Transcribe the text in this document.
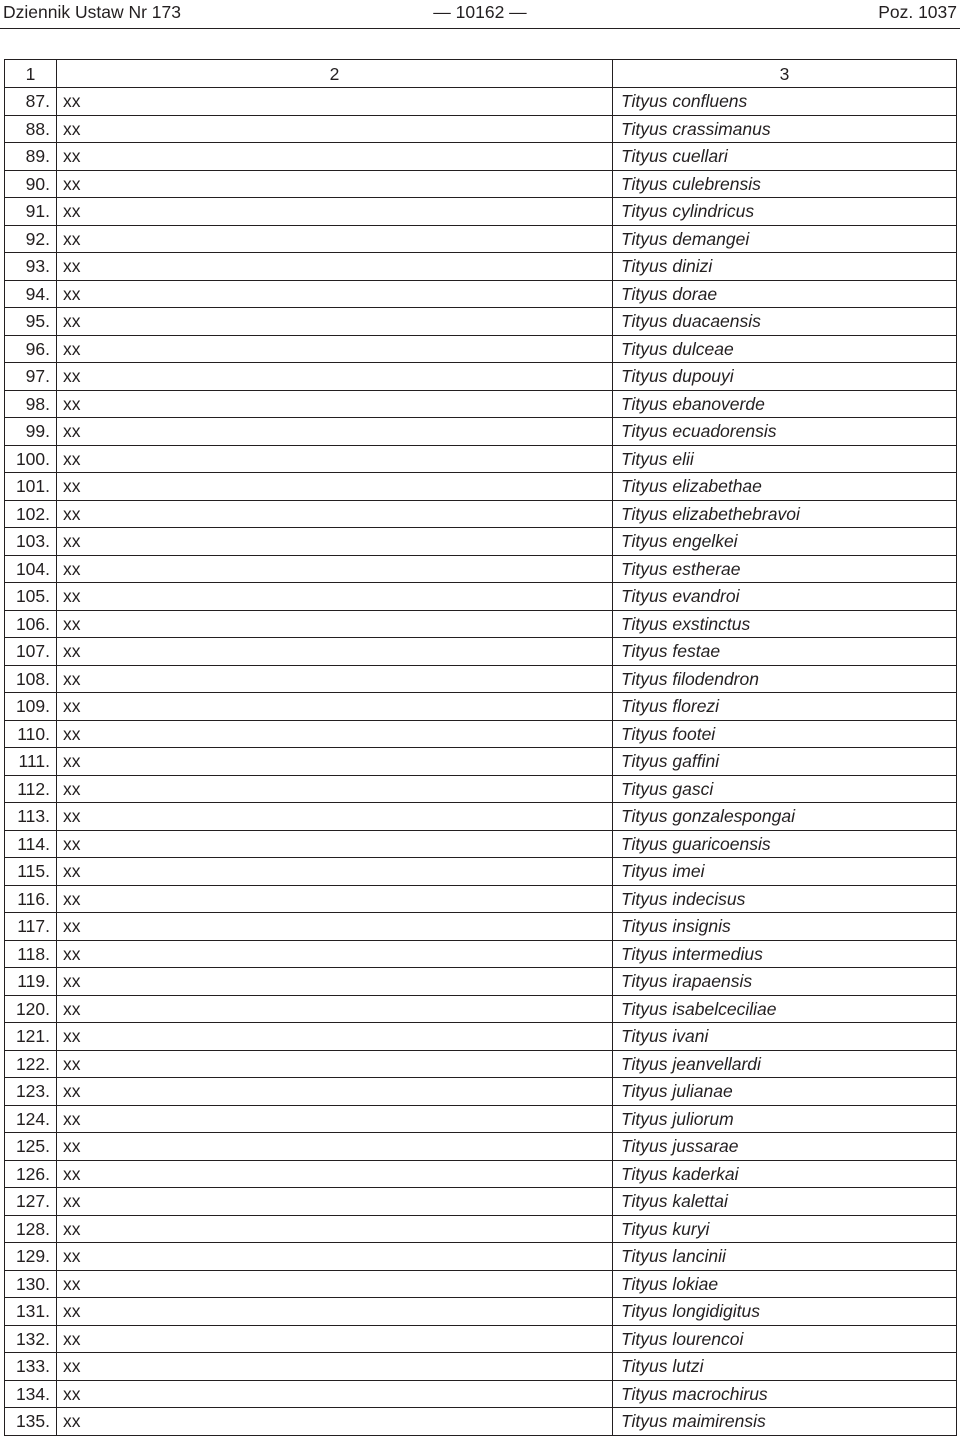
— 10162 —
Dziennik Ustaw Nr 173	Poz. 1037
1	2	3
87.	xx	Tityus confluens
88.	xx	Tityus crassimanus
89.	xx	Tityus cuellari
90.	xx	Tityus culebrensis
91.	xx	Tityus cylindricus
92.	xx	Tityus demangei
93.	xx	Tityus dinizi
94.	xx	Tityus dorae
95.	xx	Tityus duacaensis
96.	xx	Tityus dulceae
97.	xx	Tityus dupouyi
98.	xx	Tityus ebanoverde
99.	xx	Tityus ecuadorensis
100.	xx	Tityus elii
101.	xx	Tityus elizabethae
102.	xx	Tityus elizabethebravoi
103.	xx	Tityus engelkei
104.	xx	Tityus estherae
105.	xx	Tityus evandroi
106.	xx	Tityus exstinctus
107.	xx	Tityus festae
108.	xx	Tityus filodendron
109.	xx	Tityus florezi
110.	xx	Tityus footei
111.	xx	Tityus gaffini
112.	xx	Tityus gasci
113.	xx	Tityus gonzalespongai
114.	xx	Tityus guaricoensis
115.	xx	Tityus imei
116.	xx	Tityus indecisus
117.	xx	Tityus insignis
118.	xx	Tityus intermedius
119.	xx	Tityus irapaensis
120.	xx	Tityus isabelceciliae
121.	xx	Tityus ivani
122.	xx	Tityus jeanvellardi
123.	xx	Tityus julianae
124.	xx	Tityus juliorum
125.	xx	Tityus jussarae
126.	xx	Tityus kaderkai
127.	xx	Tityus kalettai
128.	xx	Tityus kuryi
129.	xx	Tityus lancinii
130.	xx	Tityus lokiae
131.	xx	Tityus longidigitus
132.	xx	Tityus lourencoi
133.	xx	Tityus lutzi
134.	xx	Tityus macrochirus
135.	xx	Tityus maimirensis
